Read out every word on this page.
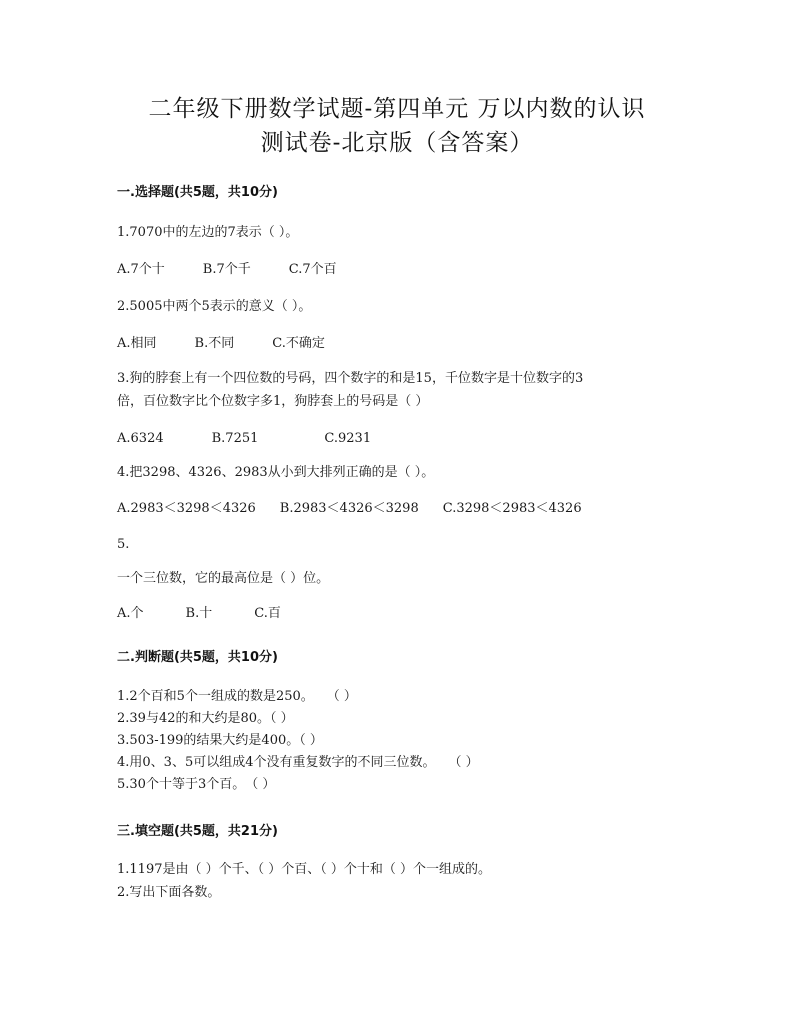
二年级下册数学试题-第四单元 万以内数的认识
测试卷-北京版（含答案）
一.选择题(共5题，共10分)
1.7070中的左边的7表示（ ）。
A.7个十	B.7个千	C.7个百
2.5005中两个5表示的意义（ ）。
A.相同	B.不同	C.不确定
3.狗的脖套上有一个四位数的号码，四个数字的和是15，千位数字是十位数字的3
倍，百位数字比个位数字多1，狗脖套上的号码是（ ）
A.6324	B.7251	C.9231
4.把3298、4326、2983从小到大排列正确的是（ ）。
A.2983＜3298＜4326 B.2983＜4326＜3298 C.3298＜2983＜4326
5.
一个三位数，它的最高位是（ ）位。
A.个	B.十	C.百
二.判断题(共5题，共10分)
1.2个百和5个一组成的数是250。　　（ ）
2.39与42的和大约是80。（ ）
3.503-199的结果大约是400。（ ）
4.用0、3、5可以组成4个没有重复数字的不同三位数。　　（ ）
5.30个十等于3个百。　（ ）
三.填空题(共5题，共21分)
1.1197是由（ ）个千、（ ）个百、（ ）个十和（ ）个一组成的。
2.写出下面各数。
